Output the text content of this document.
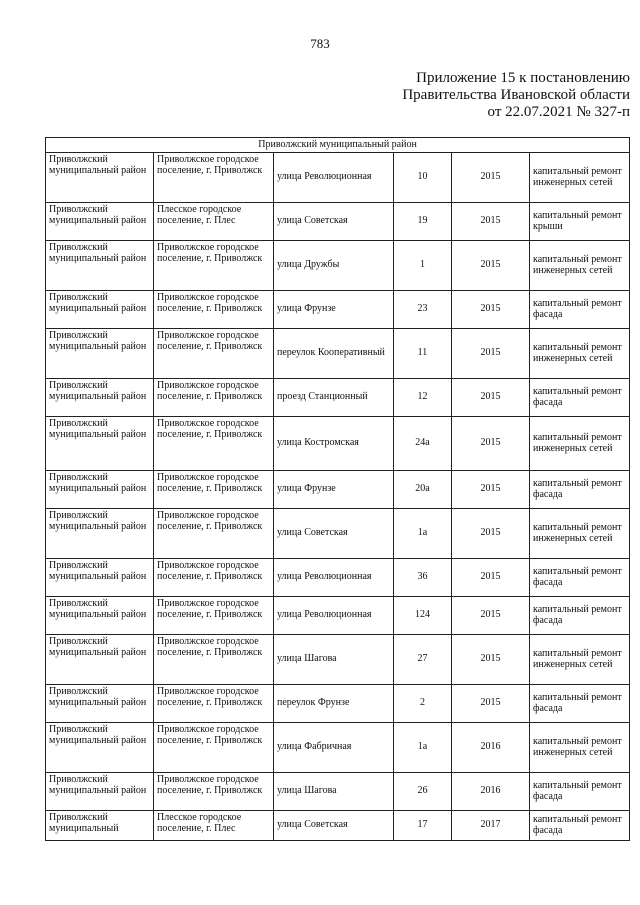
783
Приложение 15 к постановлению
Правительства Ивановской области
от 22.07.2021 № 327-п
Приволжский муниципальный район					
Приволжский муниципальный район	Приволжское городское поселение, г. Приволжск	улица Революционная	10	2015	капитальный ремонт инженерных сетей
Приволжский муниципальный район	Плесское городское поселение, г. Плес	улица Советская	19	2015	капитальный ремонт крыши
Приволжский муниципальный район	Приволжское городское поселение, г. Приволжск	улица Дружбы	1	2015	капитальный ремонт инженерных сетей
Приволжский муниципальный район	Приволжское городское поселение, г. Приволжск	улица Фрунзе	23	2015	капитальный ремонт фасада
Приволжский муниципальный район	Приволжское городское поселение, г. Приволжск	переулок Кооперативный	11	2015	капитальный ремонт инженерных сетей
Приволжский муниципальный район	Приволжское городское поселение, г. Приволжск	проезд Станционный	12	2015	капитальный ремонт фасада
Приволжский муниципальный район	Приволжское городское поселение, г. Приволжск	улица Костромская	24а	2015	капитальный ремонт инженерных сетей
Приволжский муниципальный район	Приволжское городское поселение, г. Приволжск	улица Фрунзе	20а	2015	капитальный ремонт фасада
Приволжский муниципальный район	Приволжское городское поселение, г. Приволжск	улица Советская	1а	2015	капитальный ремонт инженерных сетей
Приволжский муниципальный район	Приволжское городское поселение, г. Приволжск	улица Революционная	36	2015	капитальный ремонт фасада
Приволжский муниципальный район	Приволжское городское поселение, г. Приволжск	улица Революционная	124	2015	капитальный ремонт фасада
Приволжский муниципальный район	Приволжское городское поселение, г. Приволжск	улица Шагова	27	2015	капитальный ремонт инженерных сетей
Приволжский муниципальный район	Приволжское городское поселение, г. Приволжск	переулок Фрунзе	2	2015	капитальный ремонт фасада
Приволжский муниципальный район	Приволжское городское поселение, г. Приволжск	улица Фабричная	1а	2016	капитальный ремонт инженерных сетей
Приволжский муниципальный район	Приволжское городское поселение, г. Приволжск	улица Шагова	26	2016	капитальный ремонт фасада
Приволжский муниципальный	Плесское городское поселение, г. Плес	улица Советская	17	2017	капитальный ремонт фасада
